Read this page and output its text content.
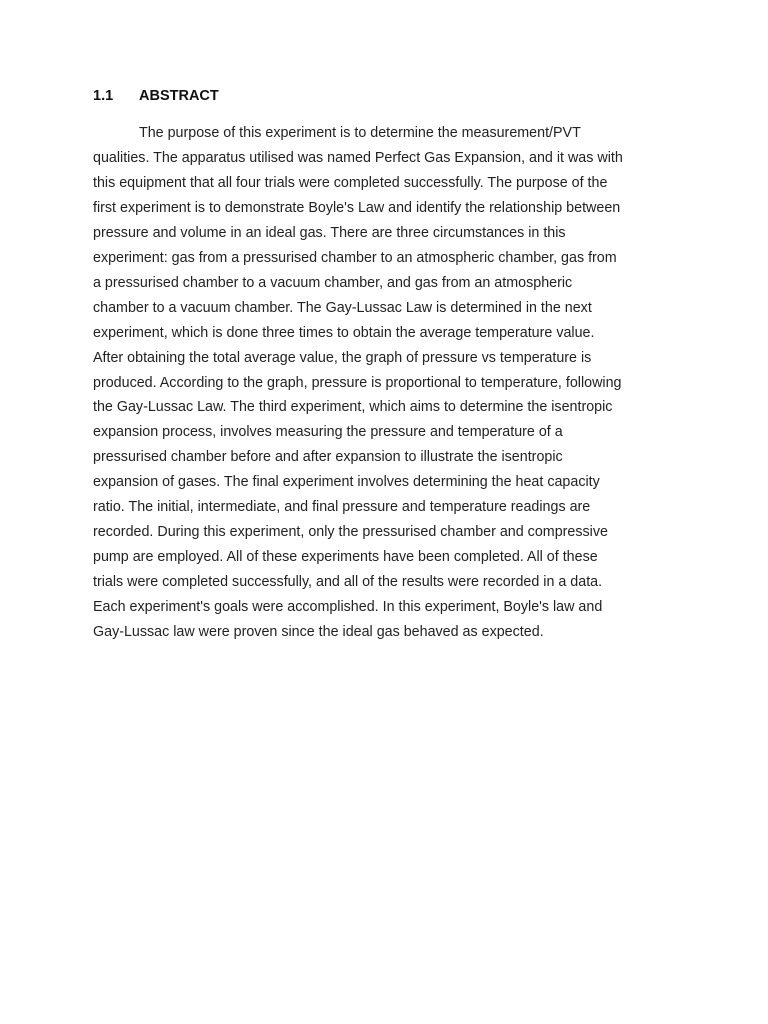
1.1 ABSTRACT
The purpose of this experiment is to determine the measurement/PVT
qualities. The apparatus utilised was named Perfect Gas Expansion, and it was with
this equipment that all four trials were completed successfully. The purpose of the
first experiment is to demonstrate Boyle's Law and identify the relationship between
pressure and volume in an ideal gas. There are three circumstances in this
experiment: gas from a pressurised chamber to an atmospheric chamber, gas from
a pressurised chamber to a vacuum chamber, and gas from an atmospheric
chamber to a vacuum chamber. The Gay-Lussac Law is determined in the next
experiment, which is done three times to obtain the average temperature value.
After obtaining the total average value, the graph of pressure vs temperature is
produced. According to the graph, pressure is proportional to temperature, following
the Gay-Lussac Law. The third experiment, which aims to determine the isentropic
expansion process, involves measuring the pressure and temperature of a
pressurised chamber before and after expansion to illustrate the isentropic
expansion of gases. The final experiment involves determining the heat capacity
ratio. The initial, intermediate, and final pressure and temperature readings are
recorded. During this experiment, only the pressurised chamber and compressive
pump are employed. All of these experiments have been completed. All of these
trials were completed successfully, and all of the results were recorded in a data.
Each experiment's goals were accomplished. In this experiment, Boyle's law and
Gay-Lussac law were proven since the ideal gas behaved as expected.
